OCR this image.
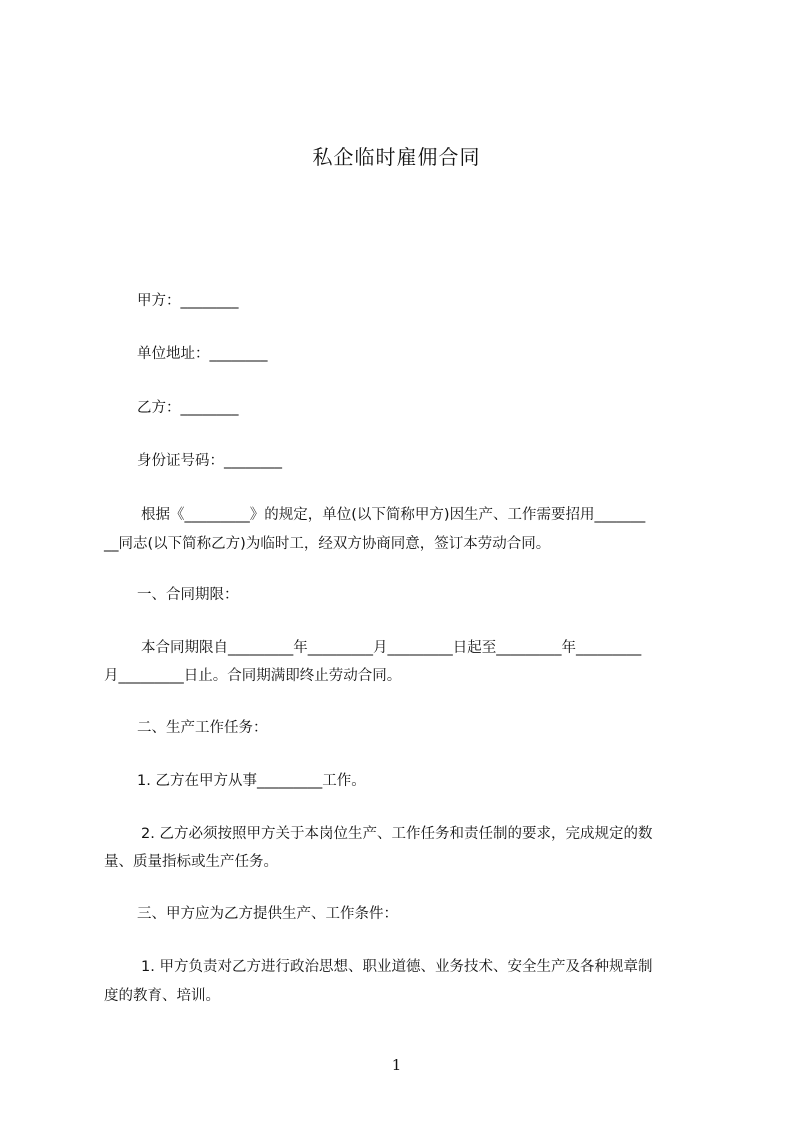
私企临时雇佣合同
甲方：________
单位地址：________
乙方：________
身份证号码：________
根据《_________》的规定，单位(以下简称甲方)因生产、工作需要招用_______
__同志(以下简称乙方)为临时工，经双方协商同意，签订本劳动合同。
一、合同期限：
本合同期限自_________年_________月_________日起至_________年_________
月_________日止。合同期满即终止劳动合同。
二、生产工作任务：
1. 乙方在甲方从事_________工作。
2. 乙方必须按照甲方关于本岗位生产、工作任务和责任制的要求，完成规定的数
量、质量指标或生产任务。
三、甲方应为乙方提供生产、工作条件：
1. 甲方负责对乙方进行政治思想、职业道德、业务技术、安全生产及各种规章制
度的教育、培训。
1
